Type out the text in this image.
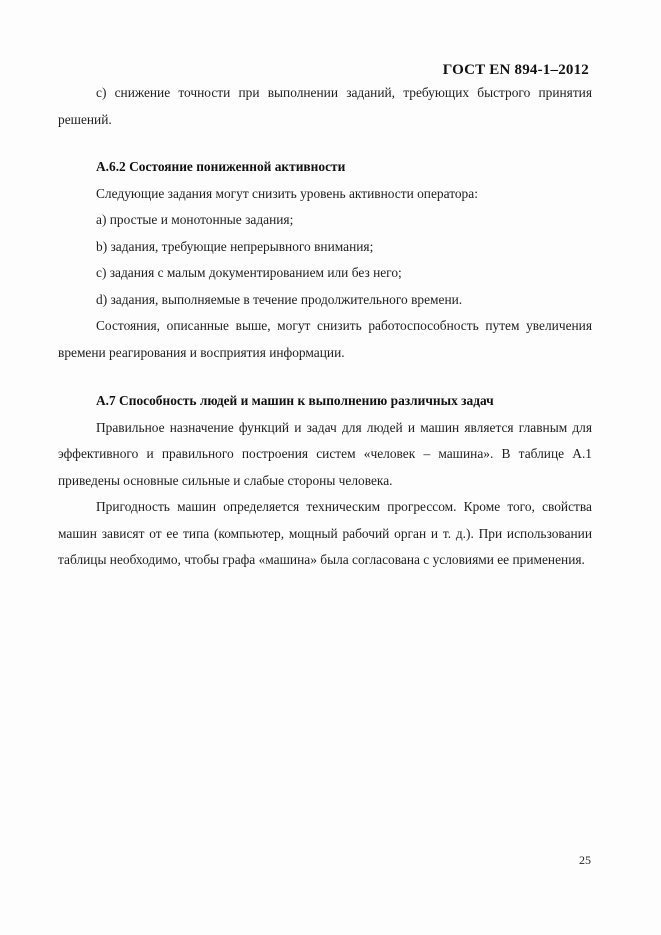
ГОСТ EN 894-1–2012

c) снижение точности при выполнении заданий, требующих быстрого принятия решений.

А.6.2 Состояние пониженной активности

Следующие задания могут снизить уровень активности оператора:

a) простые и монотонные задания;

b) задания, требующие непрерывного внимания;

c) задания с малым документированием или без него;

d) задания, выполняемые в течение продолжительного времени.

Состояния, описанные выше, могут снизить работоспособность путем увеличения времени реагирования и восприятия информации.

А.7 Способность людей и машин к выполнению различных задач

Правильное назначение функций и задач для людей и машин является главным для эффективного и правильного построения систем «человек – машина». В таблице А.1 приведены основные сильные и слабые стороны человека.

Пригодность машин определяется техническим прогрессом. Кроме того, свойства машин зависят от ее типа (компьютер, мощный рабочий орган и т. д.). При использовании таблицы необходимо, чтобы графа «машина» была согласована с условиями ее применения.

25
